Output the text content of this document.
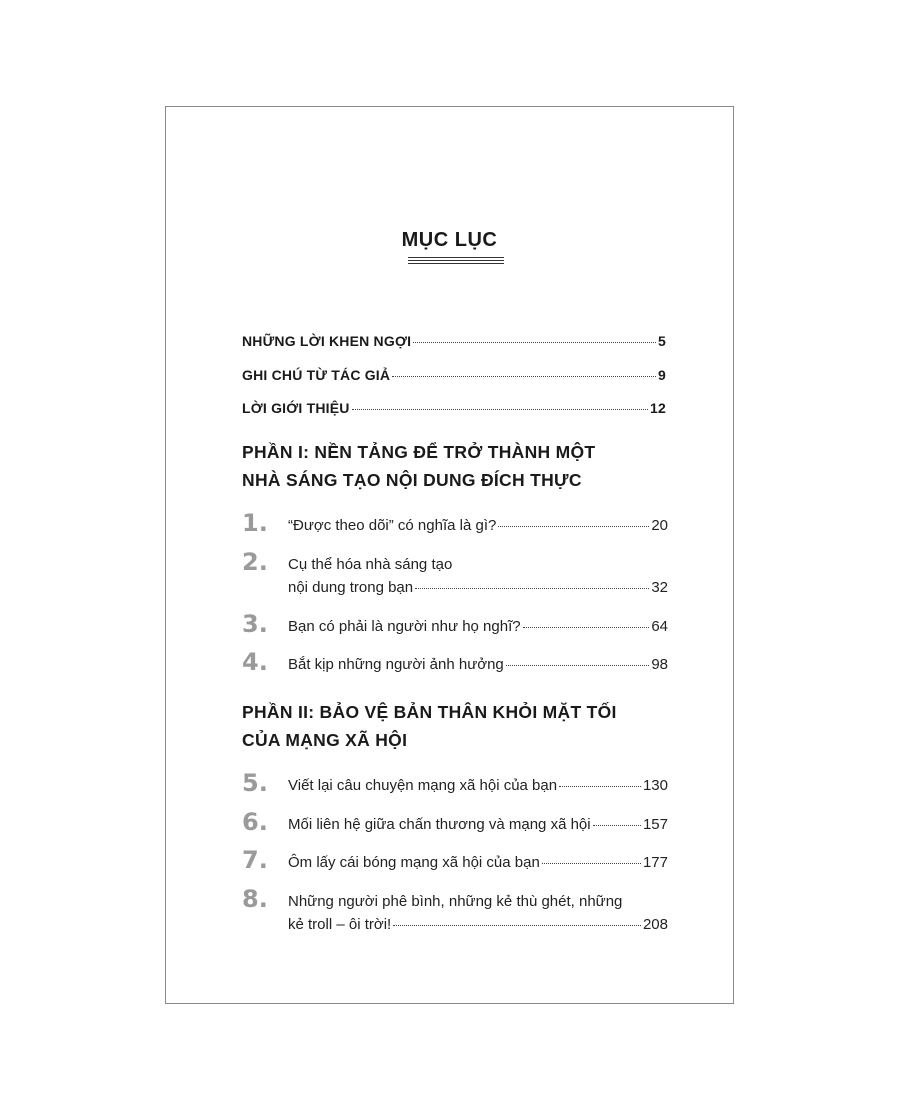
MỤC LỤC
NHỮNG LỜI KHEN NGỢI	5
GHI CHÚ TỪ TÁC GIẢ	9
LỜI GIỚI THIỆU	12
PHẦN I: NỀN TẢNG ĐỂ TRỞ THÀNH MỘT
NHÀ SÁNG TẠO NỘI DUNG ĐÍCH THỰC
1. “Được theo dõi” có nghĩa là gì?	20
2. Cụ thể hóa nhà sáng tạo
nội dung trong bạn	32
3. Bạn có phải là người như họ nghĩ?	64
4. Bắt kịp những người ảnh hưởng	98
PHẦN II: BẢO VỆ BẢN THÂN KHỎI MẶT TỐI
CỦA MẠNG XÃ HỘI
5. Viết lại câu chuyện mạng xã hội của bạn	130
6. Mối liên hệ giữa chấn thương và mạng xã hội	157
7. Ôm lấy cái bóng mạng xã hội của bạn	177
8. Những người phê bình, những kẻ thù ghét, những
kẻ troll – ôi trời!	208
